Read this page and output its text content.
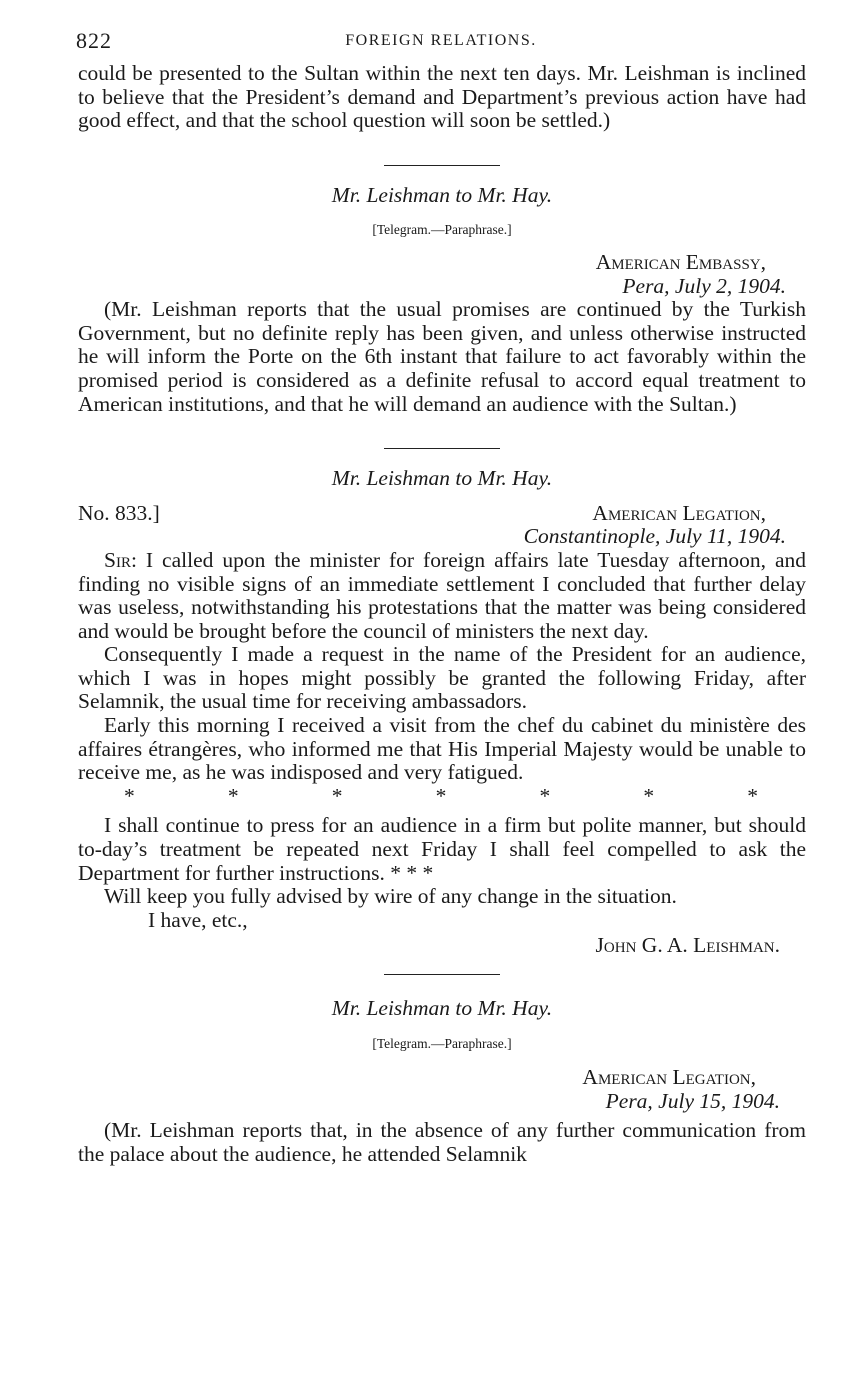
822	FOREIGN RELATIONS.

could be presented to the Sultan within the next ten days. Mr. Leishman is inclined to believe that the President’s demand and Department’s previous action have had good effect, and that the school question will soon be settled.)

Mr. Leishman to Mr. Hay.
[Telegram.—Paraphrase.]
American Embassy,
Pera, July 2, 1904.

(Mr. Leishman reports that the usual promises are continued by the Turkish Government, but no definite reply has been given, and unless otherwise instructed he will inform the Porte on the 6th instant that failure to act favorably within the promised period is considered as a definite refusal to accord equal treatment to American institutions, and that he will demand an audience with the Sultan.)

Mr. Leishman to Mr. Hay.
No. 833.]	American Legation,
Constantinople, July 11, 1904.

Sir: I called upon the minister for foreign affairs late Tuesday afternoon, and finding no visible signs of an immediate settlement I concluded that further delay was useless, notwithstanding his protestations that the matter was being considered and would be brought before the council of ministers the next day.

Consequently I made a request in the name of the President for an audience, which I was in hopes might possibly be granted the following Friday, after Selamnik, the usual time for receiving ambassadors.

Early this morning I received a visit from the chef du cabinet du ministère des affaires étrangères, who informed me that His Imperial Majesty would be unable to receive me, as he was indisposed and very fatigued.

*	*	*	*	*	*	*

I shall continue to press for an audience in a firm but polite manner, but should to-day’s treatment be repeated next Friday I shall feel compelled to ask the Department for further instructions. * * *

Will keep you fully advised by wire of any change in the situation.

I have, etc.,
John G. A. Leishman.
Mr. Leishman to Mr. Hay.
[Telegram.—Paraphrase.]
American Legation,
Pera, July 15, 1904.

(Mr. Leishman reports that, in the absence of any further communication from the palace about the audience, he attended Selamnik
